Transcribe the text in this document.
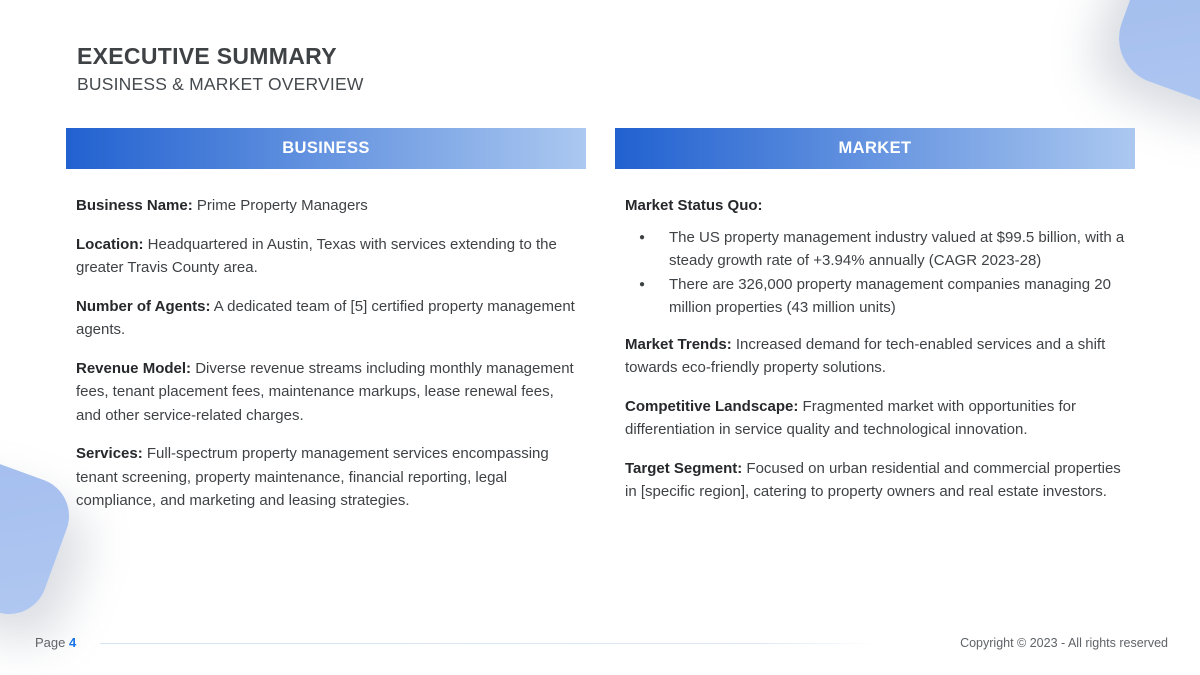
EXECUTIVE SUMMARY
BUSINESS & MARKET OVERVIEW
BUSINESS

Business Name: Prime Property Managers

Location: Headquartered in Austin, Texas with services extending to the greater Travis County area.

Number of Agents: A dedicated team of [5] certified property management agents.

Revenue Model: Diverse revenue streams including monthly management fees, tenant placement fees, maintenance markups, lease renewal fees, and other service-related charges.

Services: Full-spectrum property management services encompassing tenant screening, property maintenance, financial reporting, legal compliance, and marketing and leasing strategies.

MARKET

Market Status Quo:

● The US property management industry valued at $99.5 billion, with a steady growth rate of +3.94% annually (CAGR 2023-28)
● There are 326,000 property management companies managing 20 million properties (43 million units)

Market Trends: Increased demand for tech-enabled services and a shift towards eco-friendly property solutions.

Competitive Landscape: Fragmented market with opportunities for differentiation in service quality and technological innovation.

Target Segment: Focused on urban residential and commercial properties in [specific region], catering to property owners and real estate investors.

Page 4	Copyright © 2023 - All rights reserved
